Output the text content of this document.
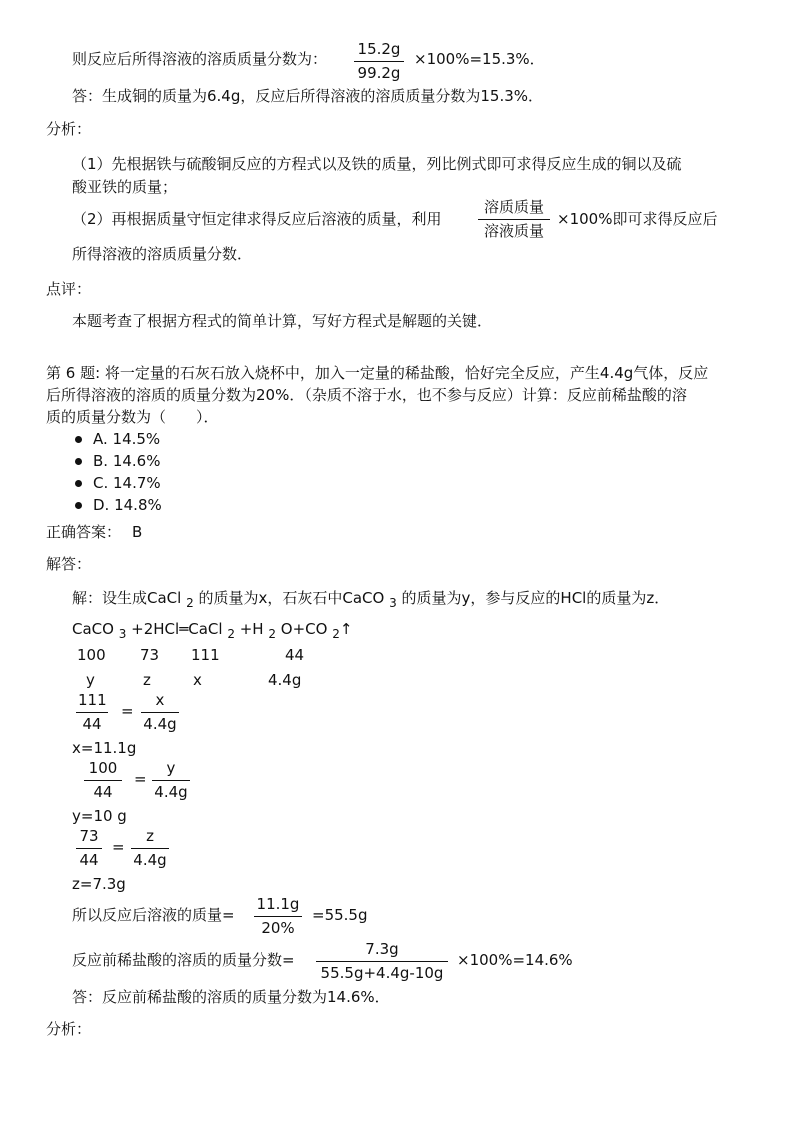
则反应后所得溶液的溶质质量分数为： $\frac{15.2g}{99.2g} \times 100\%=15.3\%$．
答：生成铜的质量为6.4g，反应后所得溶液的溶质质量分数为15.3%．
分析：
（1）先根据铁与硫酸铜反应的方程式以及铁的质量，列比例式即可求得反应生成的铜以及硫
酸亚铁的质量；
（2）再根据质量守恒定律求得反应后溶液的质量，利用
溶质质量
溶液质量
×100%即可求得反应后
所得溶液的溶质质量分数．
点评：
本题考查了根据方程式的简单计算，写好方程式是解题的关键．
第 6 题: 将一定量的石灰石放入烧杯中，加入一定量的稀盐酸，恰好完全反应，产生4.4g气体，反应
后所得溶液的溶质的质量分数为20%．（杂质不溶于水，也不参与反应）计算：反应前稀盐酸的溶
质的质量分数为（　　）．
A. 14.5%
B. 14.6%
C. 14.7%
D. 14.8%
正确答案： B
解答：
解：设生成CaCl $_2$ 的质量为x，石灰石中CaCO $_3$ 的质量为y，参与反应的HCl的质量为z．
CaCO $_3$ +2HCl═CaCl $_2$ +H $_2$ O+CO $_2$↑
100 73 111	44
y	z	x	4.4g
$\frac{111}{44} = \frac{x}{4.4g}$
x=11.1g
$\frac{100}{44} = \frac{y}{4.4g}$
y=10 g
$\frac{73}{44} = \frac{z}{4.4g}$
z=7.3g
所以反应后溶液的质量= $\frac{11.1g}{20\%} =55.5g$
反应前稀盐酸的溶质的质量分数= $\frac{7.3g}{55.5g+4.4g-10g} \times 100\%=14.6\%$
答：反应前稀盐酸的溶质的质量分数为14.6%．
分析：
